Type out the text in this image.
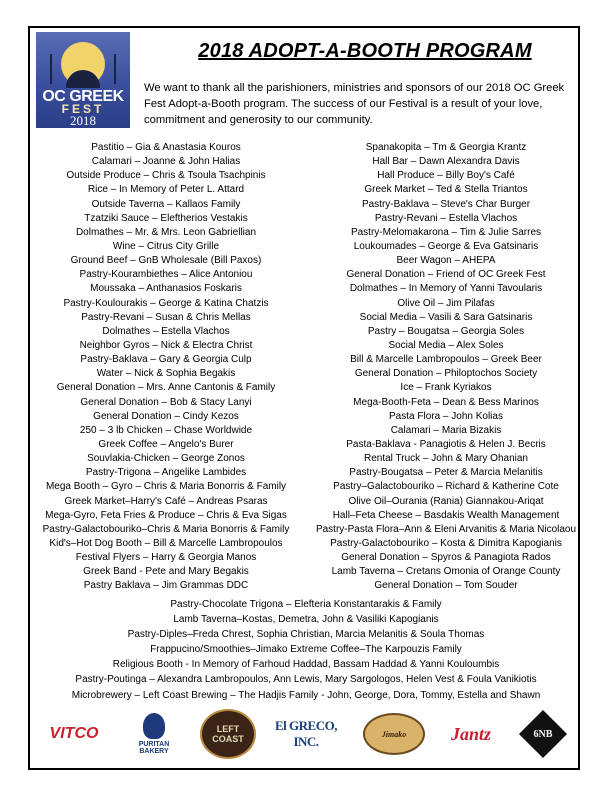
OC GREEK
FEST
2018
2018 ADOPT-A-BOOTH PROGRAM

We want to thank all the parishioners, ministries and sponsors of our 2018 OC Greek Fest Adopt-a-Booth program. The success of our Festival is a result of your love, commitment and generosity to our community.

Pastitio – Gia & Anastasia Kouros
Calamari – Joanne & John Halias
Outside Produce – Chris & Tsoula Tsachpinis
Rice – In Memory of Peter L. Attard
Outside Taverna – Kallaos Family
Tzatziki Sauce – Eleftherios Vestakis
Dolmathes – Mr. & Mrs. Leon Gabriellian
Wine – Citrus City Grille
Ground Beef – GnB Wholesale (Bill Paxos)
Pastry-Kourambiethes – Alice Antoniou
Moussaka – Anthanasios Foskaris
Pastry-Koulourakis – George & Katina Chatzis
Pastry-Revani – Susan & Chris Mellas
Dolmathes – Estella Vlachos
Neighbor Gyros – Nick & Electra Christ
Pastry-Baklava – Gary & Georgia Culp
Water – Nick & Sophia Begakis
General Donation – Mrs. Anne Cantonis & Family
General Donation – Bob & Stacy Lanyi
General Donation – Cindy Kezos
250 – 3 lb Chicken – Chase Worldwide
Greek Coffee – Angelo's Burer
Souvlakia-Chicken – George Zonos
Pastry-Trigona – Angelike Lambides
Mega Booth – Gyro – Chris & Maria Bonorris & Family
Greek Market–Harry's Café – Andreas Psaras
Mega-Gyro, Feta Fries & Produce – Chris & Eva Sigas
Pastry-Galactobouriko–Chris & Maria Bonorris & Family
Kid's–Hot Dog Booth – Bill & Marcelle Lambropoulos
Festival Flyers – Harry & Georgia Manos
Greek Band - Pete and Mary Begakis
Pastry Baklava – Jim Grammas DDC
Spanakopita – Tm & Georgia Krantz
Hall Bar – Dawn Alexandra Davis
Hall Produce – Billy Boy's Café
Greek Market – Ted & Stella Triantos
Pastry-Baklava – Steve's Char Burger
Pastry-Revani – Estella Vlachos
Pastry-Melomakarona – Tim & Julie Sarres
Loukoumades – George & Eva Gatsinaris
Beer Wagon – AHEPA
General Donation – Friend of OC Greek Fest
Dolmathes – In Memory of Yanni Tavoularis
Olive Oil – Jim Pilafas
Social Media – Vasili & Sara Gatsinaris
Pastry – Bougatsa – Georgia Soles
Social Media – Alex Soles
Bill & Marcelle Lambropoulos – Greek Beer
General Donation – Philoptochos Society
Ice – Frank Kyriakos
Mega-Booth-Feta – Dean & Bess Marinos
Pasta Flora – John Kolias
Calamari – Maria Bizakis
Pasta-Baklava - Panagiotis & Helen J. Becris
Rental Truck – John & Mary Ohanian
Pastry-Bougatsa – Peter & Marcia Melanitis
Pastry–Galactobouriko – Richard & Katherine Cote
Olive Oil–Ourania (Rania) Giannakou-Ariqat
Hall–Feta Cheese – Basdakis Wealth Management
Pastry-Pasta Flora–Ann & Eleni Arvanitis & Maria Nicolaou
Pastry-Galactobouriko – Kosta & Dimitra Kapogianis
General Donation – Spyros & Panagiota Rados
Lamb Taverna – Cretans Omonia of Orange County
General Donation – Tom Souder
Pastry-Chocolate Trigona – Elefteria Konstantarakis & Family
Lamb Taverna–Kostas, Demetra, John & Vasiliki Kapogianis
Pastry-Diples–Freda Chrest, Sophia Christian, Marcia Melanitis & Soula Thomas
Frappucino/Smoothies–Jimako Extreme Coffee–The Karpouzis Family
Religious Booth - In Memory of Farhoud Haddad, Bassam Haddad & Yanni Kouloumbis
Pastry-Poutinga – Alexandra Lambropoulos, Ann Lewis, Mary Sargologos, Helen Vest & Foula Vanikiotis
Microbrewery – Left Coast Brewing – The Hadjis Family - John, George, Dora, Tommy, Estella and Shawn
VITCO
PURITAN BAKERY
LEFT
COAST
El GRECO, INC.	Jimako	Jantz	6NB
